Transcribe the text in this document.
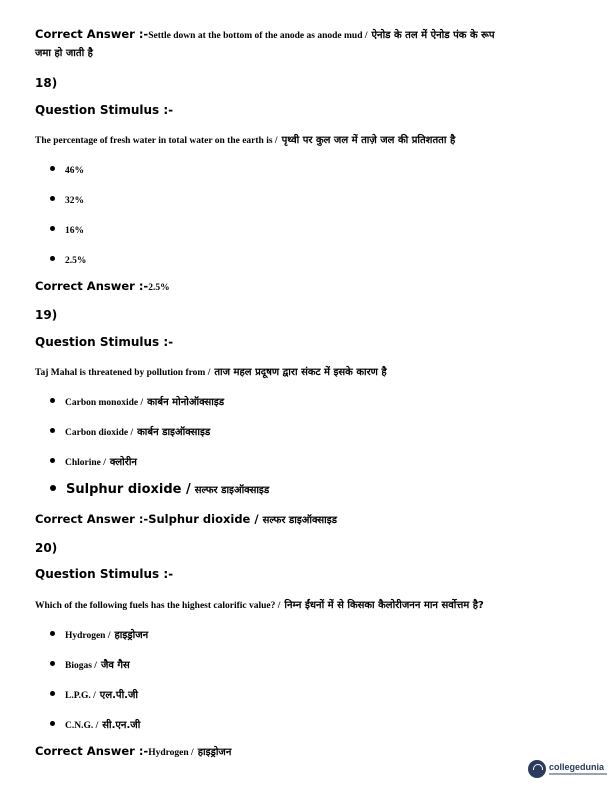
Correct Answer :-Settle down at the bottom of the anode as anode mud / ऐनोड के तल में ऐनोड पंक के रूप
जमा हो जाती है
18)
Question Stimulus :-
The percentage of fresh water in total water on the earth is / पृथ्वी पर कुल जल में ताज़े जल की प्रतिशतता है
46%
32%
16%
2.5%
Correct Answer :-2.5%
19)
Question Stimulus :-
Taj Mahal is threatened by pollution from / ताज महल प्रदूषण द्वारा संकट में इसके कारण है
Carbon monoxide / कार्बन मोनोऑक्साइड
Carbon dioxide / कार्बन डाइऑक्साइड
Chlorine / क्लोरीन
Sulphur dioxide / सल्फर डाइऑक्साइड
Correct Answer :-Sulphur dioxide / सल्फर डाइऑक्साइड
20)
Question Stimulus :-
Which of the following fuels has the highest calorific value? / निम्न ईंधनों में से किसका कैलोरीजनन मान सर्वोत्तम है?
Hydrogen / हाइड्रोजन
Biogas / जैव गैस
L.P.G. / एल.पी.जी
C.N.G. / सी.एन.जी
Correct Answer :-Hydrogen / हाइड्रोजन
collegedunia
